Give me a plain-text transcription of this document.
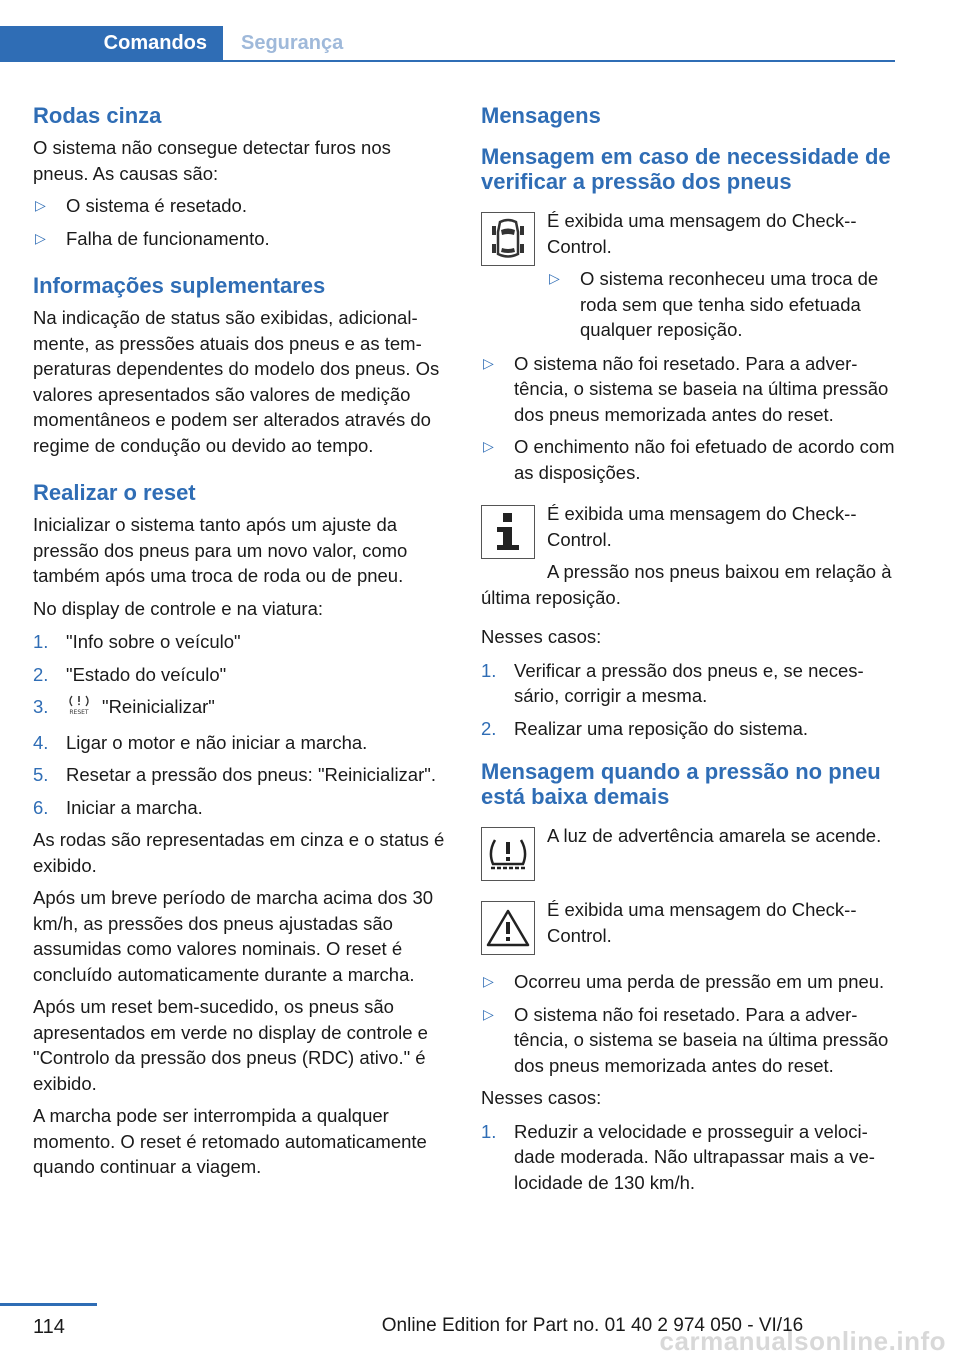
Comandos	Segurança
Rodas cinza

O sistema não consegue detectar furos nos pneus. As causas são:

▷ O sistema é resetado.
▷ Falha de funcionamento.
Informações suplementares

Na indicação de status são exibidas, adicionalmente, as pressões atuais dos pneus e as temperaturas dependentes do modelo dos pneus. Os valores apresentados são valores de medição momentâneos e podem ser alterados através do regime de condução ou devido ao tempo.

Realizar o reset

Inicializar o sistema tanto após um ajuste da pressão dos pneus para um novo valor, como também após uma troca de roda ou de pneu.

No display de controle e na viatura:

1. "Info sobre o veículo"
2. "Estado do veículo"
3.	RESET "Reinicializar"
4. Ligar o motor e não iniciar a marcha.
5. Resetar a pressão dos pneus: "Reinicializar".
6. Iniciar a marcha.

As rodas são representadas em cinza e o status é exibido.

Após um breve período de marcha acima dos 30 km/h, as pressões dos pneus ajustadas são assumidas como valores nominais. O reset é concluído automaticamente durante a marcha.

Após um reset bem-sucedido, os pneus são apresentados em verde no display de controle e "Controlo da pressão dos pneus (RDC) ativo." é exibido.

A marcha pode ser interrompida a qualquer momento. O reset é retomado automaticamente quando continuar a viagem.

Mensagens
Mensagem em caso de necessidade de verificar a pressão dos pneus

É exibida uma mensagem do Check-Control.

▷ O sistema reconheceu uma troca de roda sem que tenha sido efetuada qualquer reposição.
▷ O sistema não foi resetado. Para a advertência, o sistema se baseia na última pressão dos pneus memorizada antes do reset.
▷ O enchimento não foi efetuado de acordo com as disposições.

É exibida uma mensagem do Check-Control.

A pressão nos pneus baixou em relação à última reposição.

Nesses casos:

1. Verificar a pressão dos pneus e, se necessário, corrigir a mesma.
2. Realizar uma reposição do sistema.
Mensagem quando a pressão no pneu está baixa demais

A luz de advertência amarela se acende.

É exibida uma mensagem do Check-Control.

▷ Ocorreu uma perda de pressão em um pneu.
▷ O sistema não foi resetado. Para a advertência, o sistema se baseia na última pressão dos pneus memorizada antes do reset.

Nesses casos:

1. Reduzir a velocidade e prosseguir a velocidade moderada. Não ultrapassar mais a velocidade de 130 km/h.
114	Online Edition for Part no. 01 40 2 974 050 - VI/16
carmanualsonline.info
